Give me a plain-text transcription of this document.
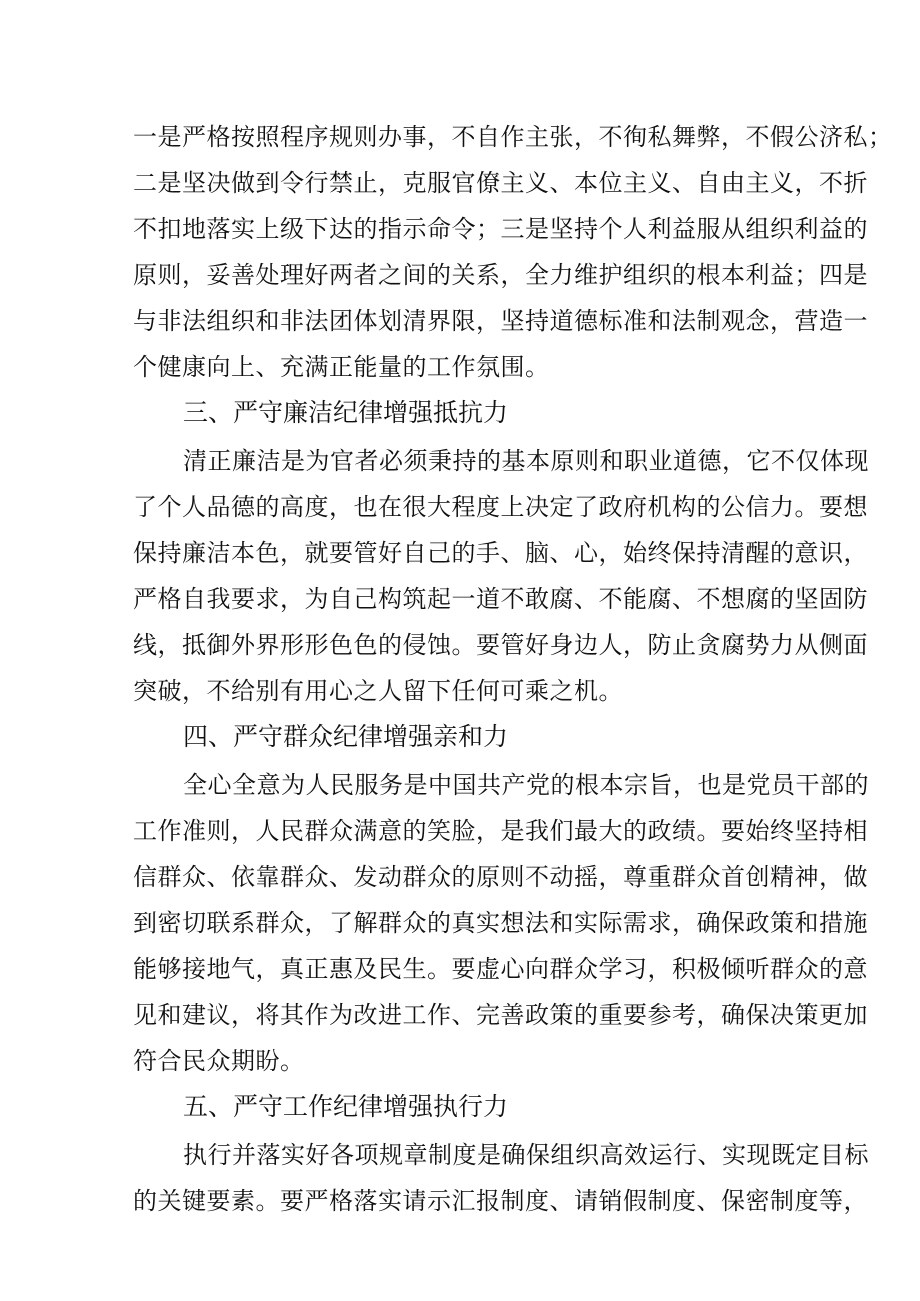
一是严格按照程序规则办事，不自作主张，不徇私舞弊，不假公济私；
二是坚决做到令行禁止，克服官僚主义、本位主义、自由主义，不折
不扣地落实上级下达的指示命令；三是坚持个人利益服从组织利益的
原则，妥善处理好两者之间的关系，全力维护组织的根本利益；四是
与非法组织和非法团体划清界限，坚持道德标准和法制观念，营造一
个健康向上、充满正能量的工作氛围。
三、严守廉洁纪律增强抵抗力
清正廉洁是为官者必须秉持的基本原则和职业道德，它不仅体现
了个人品德的高度，也在很大程度上决定了政府机构的公信力。要想
保持廉洁本色，就要管好自己的手、脑、心，始终保持清醒的意识，
严格自我要求，为自己构筑起一道不敢腐、不能腐、不想腐的坚固防
线，抵御外界形形色色的侵蚀。要管好身边人，防止贪腐势力从侧面
突破，不给别有用心之人留下任何可乘之机。
四、严守群众纪律增强亲和力
全心全意为人民服务是中国共产党的根本宗旨，也是党员干部的
工作准则，人民群众满意的笑脸，是我们最大的政绩。要始终坚持相
信群众、依靠群众、发动群众的原则不动摇，尊重群众首创精神，做
到密切联系群众，了解群众的真实想法和实际需求，确保政策和措施
能够接地气，真正惠及民生。要虚心向群众学习，积极倾听群众的意
见和建议，将其作为改进工作、完善政策的重要参考，确保决策更加
符合民众期盼。
五、严守工作纪律增强执行力
执行并落实好各项规章制度是确保组织高效运行、实现既定目标
的关键要素。要严格落实请示汇报制度、请销假制度、保密制度等，
